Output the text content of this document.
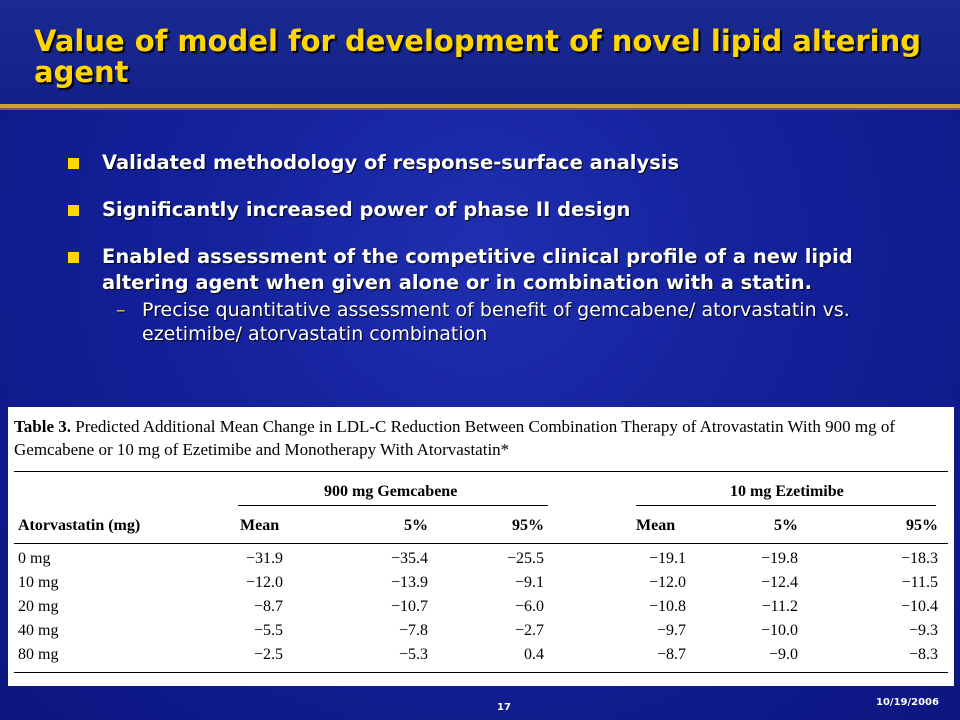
Value of model for development of novel lipid altering agent
Validated methodology of response-surface analysis
Significantly increased power of phase II design
Enabled assessment of the competitive clinical profile of a new lipid altering agent when given alone or in combination with a statin.
– Precise quantitative assessment of benefit of gemcabene/ atorvastatin vs. ezetimibe/ atorvastatin combination
Table 3. Predicted Additional Mean Change in LDL-C Reduction Between Combination Therapy of Atrovastatin With 900 mg of Gemcabene or 10 mg of Ezetimibe and Monotherapy With Atorvastatin*
900 mg Gemcabene	10 mg Ezetimibe
Atorvastatin (mg)	Mean	5%	95%	Mean	5%	95%
0 mg	−31.9	−35.4	−25.5	−19.1	−19.8	−18.3
10 mg	−12.0	−13.9	−9.1	−12.0	−12.4	−11.5
20 mg	−8.7	−10.7	−6.0	−10.8	−11.2	−10.4
40 mg	−5.5	−7.8	−2.7	−9.7	−10.0	−9.3
80 mg	−2.5	−5.3	0.4	−8.7	−9.0	−8.3
17	10/19/2006
